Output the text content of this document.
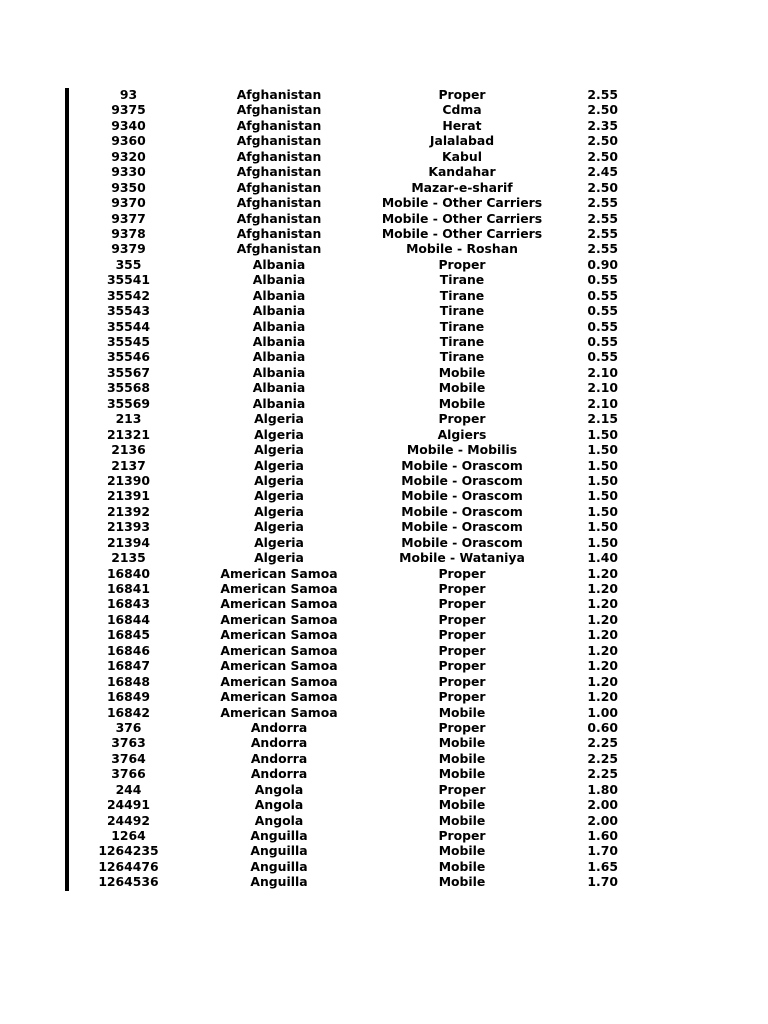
93	Afghanistan	Proper	2.55
9375	Afghanistan	Cdma	2.50
9340	Afghanistan	Herat	2.35
9360	Afghanistan	Jalalabad	2.50
9320	Afghanistan	Kabul	2.50
9330	Afghanistan	Kandahar	2.45
9350	Afghanistan	Mazar-e-sharif	2.50
9370	Afghanistan	Mobile - Other Carriers	2.55
9377	Afghanistan	Mobile - Other Carriers	2.55
9378	Afghanistan	Mobile - Other Carriers	2.55
9379	Afghanistan	Mobile - Roshan	2.55
355	Albania	Proper	0.90
35541	Albania	Tirane	0.55
35542	Albania	Tirane	0.55
35543	Albania	Tirane	0.55
35544	Albania	Tirane	0.55
35545	Albania	Tirane	0.55
35546	Albania	Tirane	0.55
35567	Albania	Mobile	2.10
35568	Albania	Mobile	2.10
35569	Albania	Mobile	2.10
213	Algeria	Proper	2.15
21321	Algeria	Algiers	1.50
2136	Algeria	Mobile - Mobilis	1.50
2137	Algeria	Mobile - Orascom	1.50
21390	Algeria	Mobile - Orascom	1.50
21391	Algeria	Mobile - Orascom	1.50
21392	Algeria	Mobile - Orascom	1.50
21393	Algeria	Mobile - Orascom	1.50
21394	Algeria	Mobile - Orascom	1.50
2135	Algeria	Mobile - Wataniya	1.40
16840	American Samoa	Proper	1.20
16841	American Samoa	Proper	1.20
16843	American Samoa	Proper	1.20
16844	American Samoa	Proper	1.20
16845	American Samoa	Proper	1.20
16846	American Samoa	Proper	1.20
16847	American Samoa	Proper	1.20
16848	American Samoa	Proper	1.20
16849	American Samoa	Proper	1.20
16842	American Samoa	Mobile	1.00
376	Andorra	Proper	0.60
3763	Andorra	Mobile	2.25
3764	Andorra	Mobile	2.25
3766	Andorra	Mobile	2.25
244	Angola	Proper	1.80
24491	Angola	Mobile	2.00
24492	Angola	Mobile	2.00
1264	Anguilla	Proper	1.60
1264235	Anguilla	Mobile	1.70
1264476	Anguilla	Mobile	1.65
1264536	Anguilla	Mobile	1.70
